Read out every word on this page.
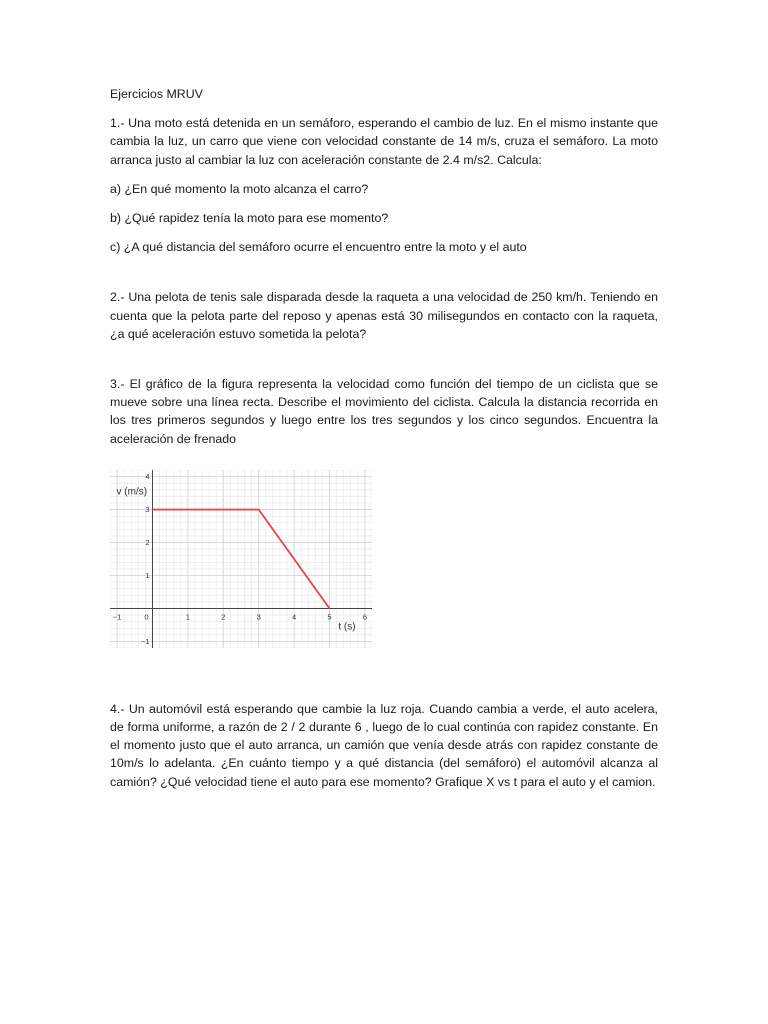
Ejercicios MRUV

1.- Una moto está detenida en un semáforo, esperando el cambio de luz. En el mismo instante que cambia la luz, un carro que viene con velocidad constante de 14 m/s, cruza el semáforo. La moto arranca justo al cambiar la luz con aceleración constante de 2.4 m/s2. Calcula:

a) ¿En qué momento la moto alcanza el carro?

b) ¿Qué rapidez tenía la moto para ese momento?

c) ¿A qué distancia del semáforo ocurre el encuentro entre la moto y el auto

2.- Una pelota de tenis sale disparada desde la raqueta a una velocidad de 250 km/h. Teniendo en cuenta que la pelota parte del reposo y apenas está 30 milisegundos en contacto con la raqueta, ¿a qué aceleración estuvo sometida la pelota?

3.- El gráfico de la figura representa la velocidad como función del tiempo de un ciclista que se mueve sobre una línea recta. Describe el movimiento del ciclista. Calcula la distancia recorrida en los tres primeros segundos y luego entre los tres segundos y los cinco segundos. Encuentra la aceleración de frenado

−1	1	2	3	4	5	6
−1
1
2
3
4
0
v (m/s)
t (s)

4.- Un automóvil está esperando que cambie la luz roja. Cuando cambia a verde, el auto acelera, de forma uniforme, a razón de 2 / 2 durante 6 , luego de lo cual continúa con rapidez constante. En el momento justo que el auto arranca, un camión que venía desde atrás con rapidez constante de 10m/s lo adelanta. ¿En cuánto tiempo y a qué distancia (del semáforo) el automóvil alcanza al camión? ¿Qué velocidad tiene el auto para ese momento? Grafique X vs t para el auto y el camion.
